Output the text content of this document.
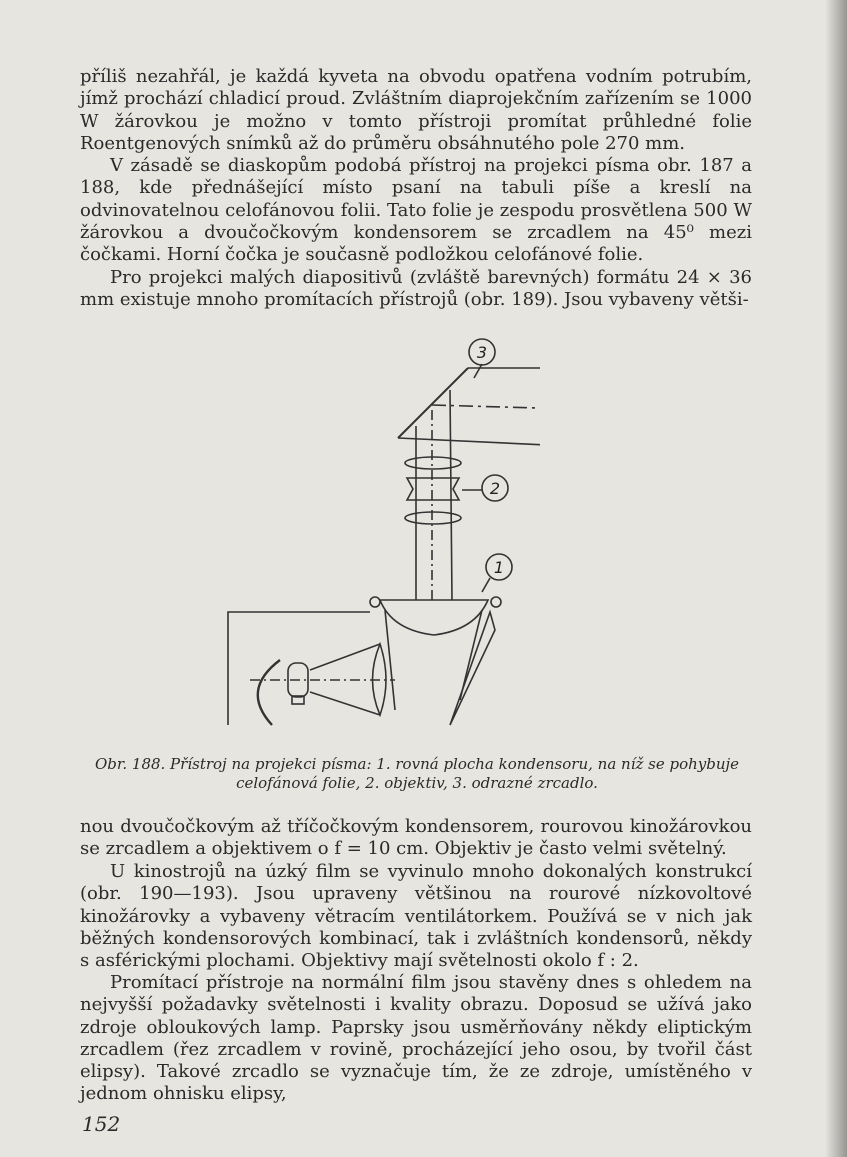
příliš nezahřál, je každá kyveta na obvodu opatřena vodním potrubím, jímž prochází chladicí proud. Zvláštním diaprojekčním zařízením se 1000 W žárovkou je možno v tomto přístroji promítat průhledné folie Roentgenových snímků až do průměru obsáhnutého pole 270 mm.

V zásadě se diaskopům podobá přístroj na projekci písma obr. 187 a 188, kde přednášející místo psaní na tabuli píše a kreslí na odvinovatelnou celofánovou folii. Tato folie je zespodu prosvětlena 500 W žárovkou a dvoučočkovým kondensorem se zrcadlem na 45⁰ mezi čočkami. Horní čočka je současně podložkou celofánové folie.

Pro projekci malých diapositivů (zvláště barevných) formátu 24 × 36 mm existuje mnoho promítacích přístrojů (obr. 189). Jsou vybaveny větši-

3
2
1
Obr. 188. Přístroj na projekci písma: 1. rovná plocha kondensoru, na níž se pohybuje celofánová folie, 2. objektiv, 3. odrazné zrcadlo.

nou dvoučočkovým až tříčočkovým kondensorem, rourovou kinožárovkou se zrcadlem a objektivem o f = 10 cm. Objektiv je často velmi světelný.

U kinostrojů na úzký film se vyvinulo mnoho dokonalých konstrukcí (obr. 190—193). Jsou upraveny většinou na rourové nízkovoltové kinožárovky a vybaveny větracím ventilátorkem. Používá se v nich jak běžných kondensorových kombinací, tak i zvláštních kondensorů, někdy s asférickými plochami. Objektivy mají světelnosti okolo f : 2.

Promítací přístroje na normální film jsou stavěny dnes s ohledem na nejvyšší požadavky světelnosti i kvality obrazu. Doposud se užívá jako zdroje obloukových lamp. Paprsky jsou usměrňovány někdy eliptickým zrcadlem (řez zrcadlem v rovině, procházející jeho osou, by tvořil část elipsy). Takové zrcadlo se vyznačuje tím, že ze zdroje, umístěného v jednom ohnisku elipsy,

152
